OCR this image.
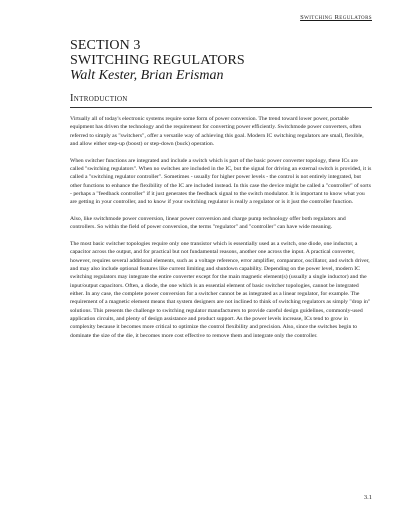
Switching Regulators
SECTION 3
SWITCHING REGULATORS
Walt Kester, Brian Erisman
Introduction

Virtually all of today's electronic systems require some form of power conversion. The trend toward lower power, portable equipment has driven the technology and the requirement for converting power efficiently. Switchmode power converters, often referred to simply as "switchers", offer a versatile way of achieving this goal. Modern IC switching regulators are small, flexible, and allow either step-up (boost) or step-down (buck) operation.

When switcher functions are integrated and include a switch which is part of the basic power converter topology, these ICs are called "switching regulators". When no switches are included in the IC, but the signal for driving an external switch is provided, it is called a "switching regulator controller". Sometimes - usually for higher power levels - the control is not entirely integrated, but other functions to enhance the flexibility of the IC are included instead. In this case the device might be called a "controller" of sorts - perhaps a "feedback controller" if it just generates the feedback signal to the switch modulator. It is important to know what you are getting in your controller, and to know if your switching regulator is really a regulator or is it just the controller function.

Also, like switchmode power conversion, linear power conversion and charge pump technology offer both regulators and controllers. So within the field of power conversion, the terms "regulator" and "controller" can have wide meaning.

The most basic switcher topologies require only one transistor which is essentially used as a switch, one diode, one inductor, a capacitor across the output, and for practical but not fundamental reasons, another one across the input. A practical converter, however, requires several additional elements, such as a voltage reference, error amplifier, comparator, oscillator, and switch driver, and may also include optional features like current limiting and shutdown capability. Depending on the power level, modern IC switching regulators may integrate the entire converter except for the main magnetic element(s) (usually a single inductor) and the input/output capacitors. Often, a diode, the one which is an essential element of basic switcher topologies, cannot be integrated either. In any case, the complete power conversion for a switcher cannot be as integrated as a linear regulator, for example. The requirement of a magnetic element means that system designers are not inclined to think of switching regulators as simply "drop in" solutions. This presents the challenge to switching regulator manufacturers to provide careful design guidelines, commonly-used application circuits, and plenty of design assistance and product support. As the power levels increase, ICs tend to grow in complexity because it becomes more critical to optimize the control flexibility and precision. Also, since the switches begin to dominate the size of the die, it becomes more cost effective to remove them and integrate only the controller.

3.1
